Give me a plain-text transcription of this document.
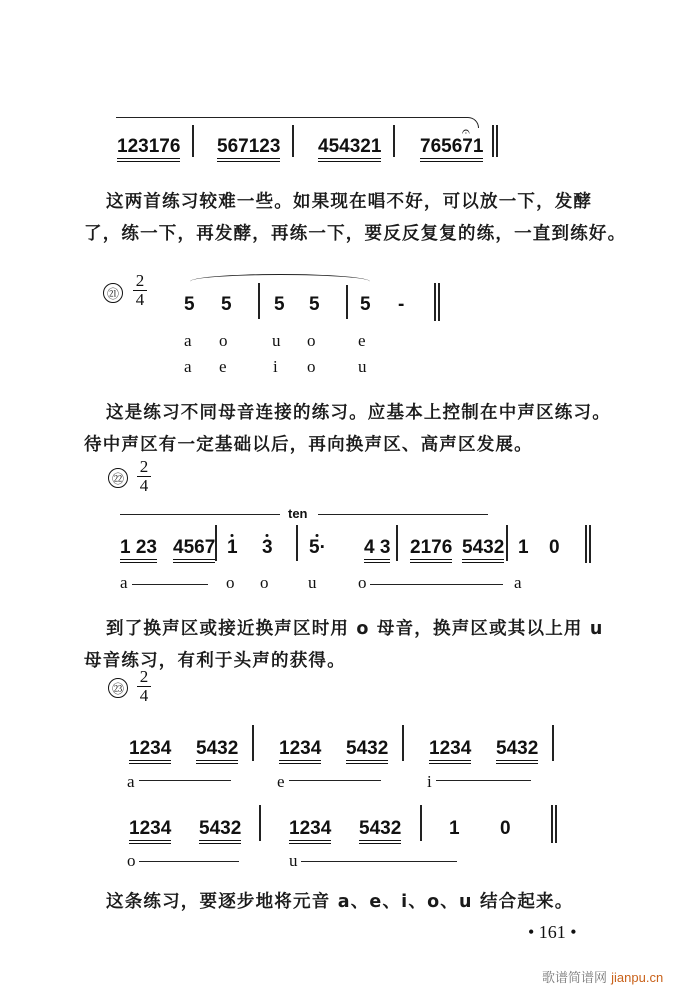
123176 567123 454321 765671
𝄐
这两首练习较难一些。如果现在唱不好，可以放一下，发酵
了，练一下，再发酵，再练一下，要反反复复的练，一直到练好。
㉑ $\frac{2}{4} 5$ 5 5 5 5 -
a o	u o	e
a e	i o	u
这是练习不同母音连接的练习。应基本上控制在中声区练习。
待中声区有一定基础以后，再向换声区、高声区发展。
㉒ $\frac{2}{4}$
ten
1 23 4567 1 3 5· 4 3 2176 5432 1 0
a	o o u o	a
到了换声区或接近换声区时用 o 母音，换声区或其以上用 u
母音练习，有利于头声的获得。
㉓ $\frac{2}{4}$
1234 5432 1234 5432 1234 5432
a	e	i
1234 5432	1234 5432	1 0
o	u
这条练习，要逐步地将元音 a、e、i、o、u 结合起来。
• 161 •
歌谱简谱网 jianpu.cn
